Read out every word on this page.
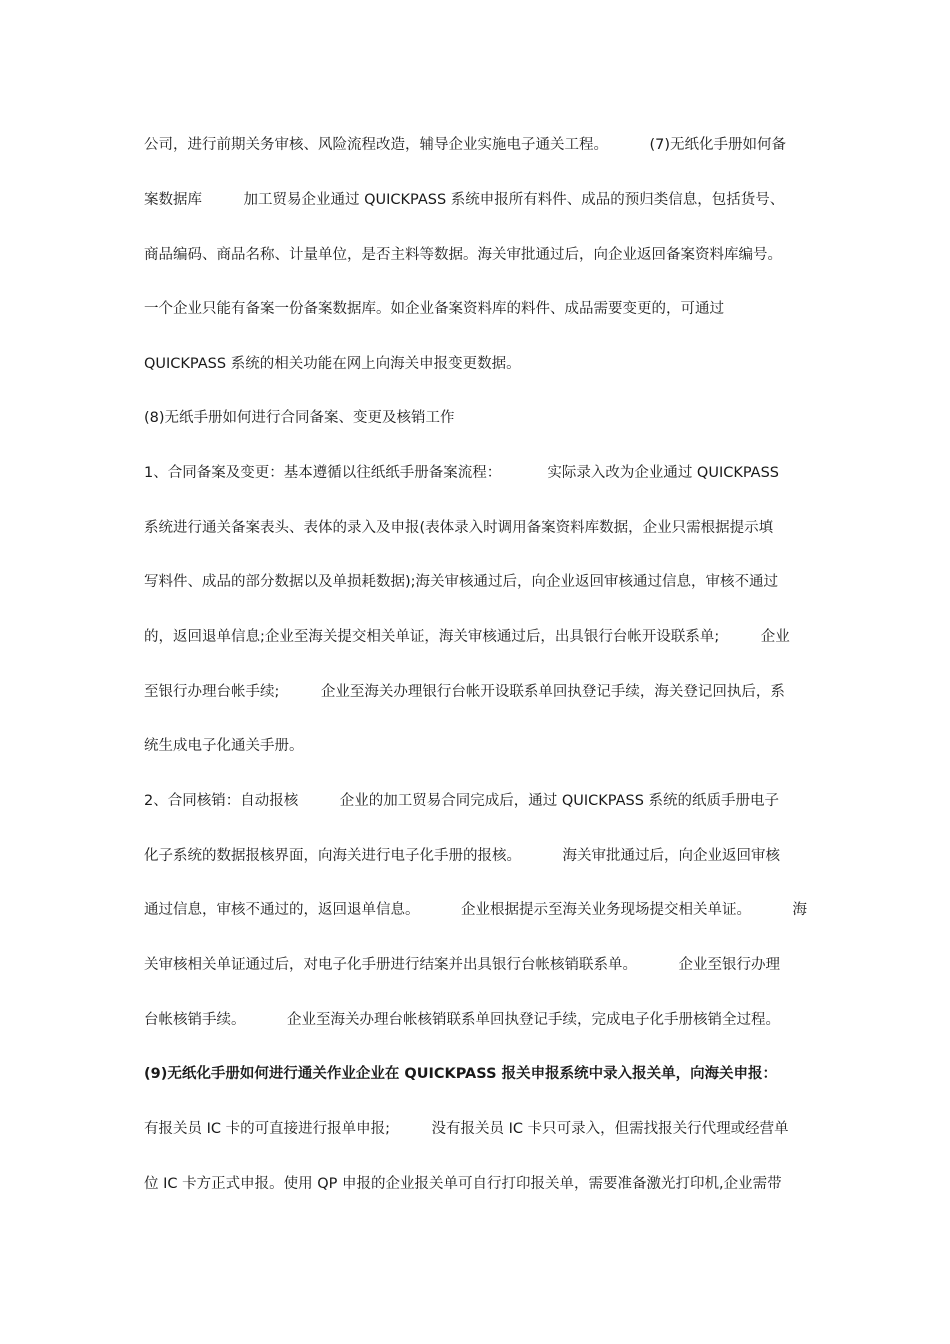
公司，进行前期关务审核、风险流程改造，辅导企业实施电子通关工程。         (7)无纸化手册如何备
案数据库         加工贸易企业通过 QUICKPASS 系统申报所有料件、成品的预归类信息，包括货号、
商品编码、商品名称、计量单位，是否主料等数据。海关审批通过后，向企业返回备案资料库编号。
一个企业只能有备案一份备案数据库。如企业备案资料库的料件、成品需要变更的，可通过
QUICKPASS 系统的相关功能在网上向海关申报变更数据。
(8)无纸手册如何进行合同备案、变更及核销工作
1、合同备案及变更：基本遵循以往纸纸手册备案流程：          实际录入改为企业通过 QUICKPASS
系统进行通关备案表头、表体的录入及申报(表体录入时调用备案资料库数据，企业只需根据提示填
写料件、成品的部分数据以及单损耗数据);海关审核通过后，向企业返回审核通过信息，审核不通过
的，返回退单信息;企业至海关提交相关单证，海关审核通过后，出具银行台帐开设联系单;         企业
至银行办理台帐手续;         企业至海关办理银行台帐开设联系单回执登记手续，海关登记回执后，系
统生成电子化通关手册。
2、合同核销：自动报核         企业的加工贸易合同完成后，通过 QUICKPASS 系统的纸质手册电子
化子系统的数据报核界面，向海关进行电子化手册的报核。         海关审批通过后，向企业返回审核
通过信息，审核不通过的，返回退单信息。         企业根据提示至海关业务现场提交相关单证。         海
关审核相关单证通过后，对电子化手册进行结案并出具银行台帐核销联系单。         企业至银行办理
台帐核销手续。         企业至海关办理台帐核销联系单回执登记手续，完成电子化手册核销全过程。
(9)无纸化手册如何进行通关作业企业在 QUICKPASS 报关申报系统中录入报关单，向海关申报：
有报关员 IC 卡的可直接进行报单申报;         没有报关员 IC 卡只可录入，但需找报关行代理或经营单
位 IC 卡方正式申报。使用 QP 申报的企业报关单可自行打印报关单，需要准备激光打印机,企业需带
